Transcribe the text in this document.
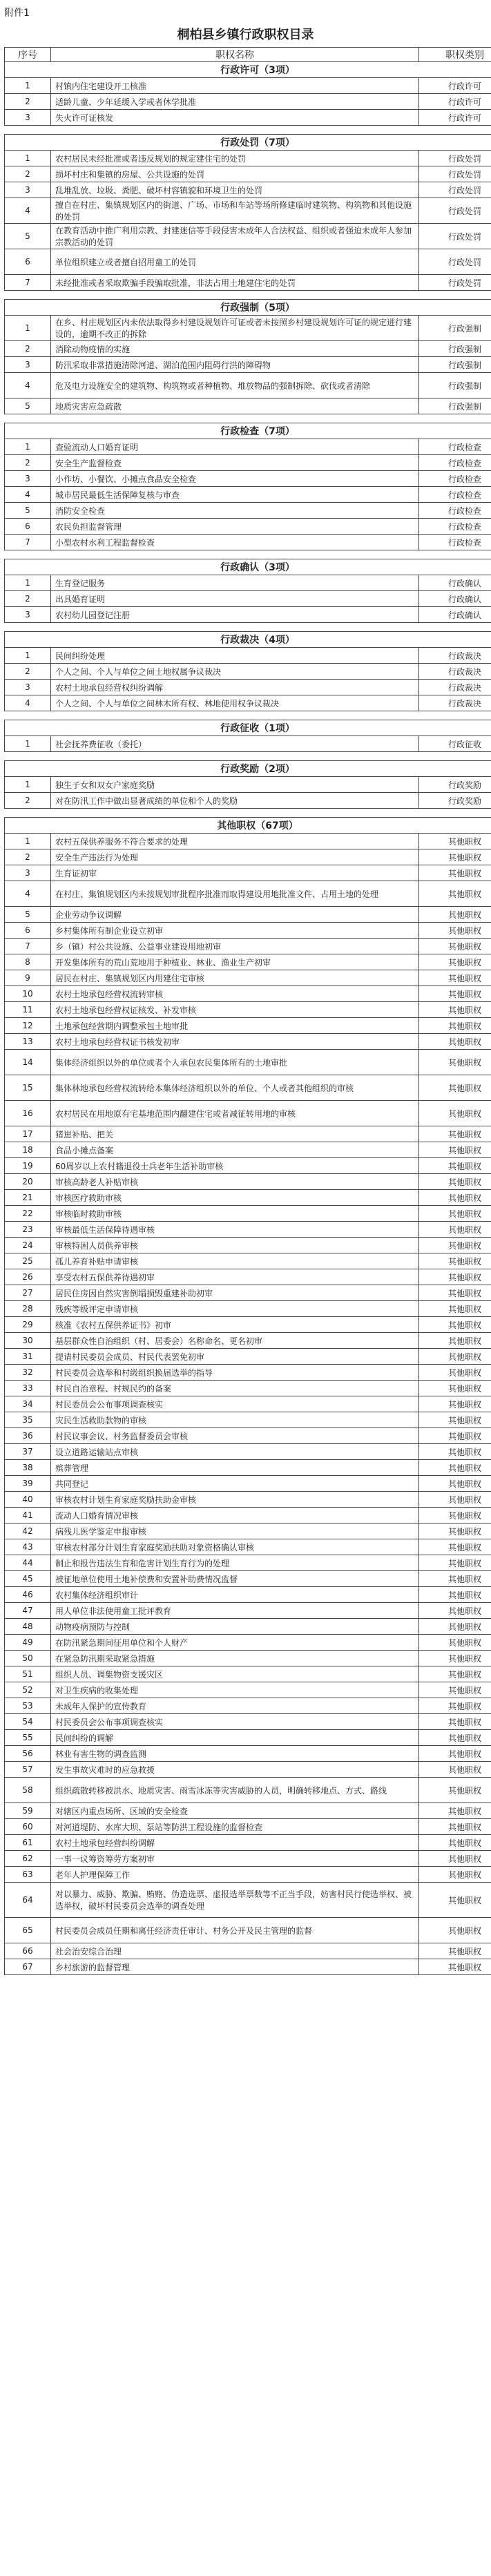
附件1
桐柏县乡镇行政职权目录
序号	职权名称	职权类别
行政许可（3项）		
1	村镇内住宅建设开工核准	行政许可
2	适龄儿童、少年延缓入学或者休学批准	行政许可
3	失火许可证核发	行政许可

行政处罚（7项）		
1	农村居民未经批准或者违反规划的规定建住宅的处罚	行政处罚
2	损坏村庄和集镇的房屋、公共设施的处罚	行政处罚
3	乱堆乱放、垃圾、粪肥、破坏村容镇貌和环境卫生的处罚	行政处罚
4	擅自在村庄、集镇规划区内的街道、广场、市场和车站等场所修建临时建筑物、构筑物和其他设施的处罚	行政处罚
5	在教育活动中推广利用宗教、封建迷信等手段侵害未成年人合法权益、组织或者强迫未成年人参加宗教活动的处罚	行政处罚
6	单位组织建立或者擅自招用童工的处罚	行政处罚
7	未经批准或者采取欺骗手段骗取批准，非法占用土地建住宅的处罚	行政处罚

行政强制（5项）		
1	在乡、村庄规划区内未依法取得乡村建设规划许可证或者未按照乡村建设规划许可证的规定进行建设的，逾期不改正的拆除	行政强制
2	消除动物疫情的实施	行政强制
3	防汛采取非常措施清除河道、湖泊范围内阻碍行洪的障碍物	行政强制
4	危及电力设施安全的建筑物、构筑物或者种植物、堆放物品的强制拆除、砍伐或者清除	行政强制
5	地质灾害应急疏散	行政强制

行政检查（7项）		
1	查验流动人口婚育证明	行政检查
2	安全生产监督检查	行政检查
3	小作坊、小餐饮、小摊点食品安全检查	行政检查
4	城市居民最低生活保障复核与审查	行政检查
5	消防安全检查	行政检查
6	农民负担监督管理	行政检查
7	小型农村水利工程监督检查	行政检查

行政确认（3项）		
1	生育登记服务	行政确认
2	出具婚育证明	行政确认
3	农村幼儿园登记注册	行政确认

行政裁决（4项）		
1	民间纠纷处理	行政裁决
2	个人之间、个人与单位之间土地权属争议裁决	行政裁决
3	农村土地承包经营权纠纷调解	行政裁决
4	个人之间、个人与单位之间林木所有权、林地使用权争议裁决	行政裁决

行政征收（1项）		
1	社会抚养费征收（委托）	行政征收

行政奖励（2项）		
1	独生子女和双女户家庭奖励	行政奖励
2	对在防汛工作中做出显著成绩的单位和个人的奖励	行政奖励

其他职权（67项）		
1	农村五保供养服务不符合要求的处理	其他职权
2	安全生产违法行为处理	其他职权
3	生育证初审	其他职权
4	在村庄、集镇规划区内未按规划审批程序批准而取得建设用地批准文件、占用土地的处理	其他职权
5	企业劳动争议调解	其他职权
6	乡村集体所有制企业设立初审	其他职权
7	乡（镇）村公共设施、公益事业建设用地初审	其他职权
8	开发集体所有的荒山荒地用于种植业、林业、渔业生产初审	其他职权
9	居民在村庄、集镇规划区内用建住宅审核	其他职权
10	农村土地承包经营权流转审核	其他职权
11	农村土地承包经营权证核发、补发审核	其他职权
12	土地承包经营期内调整承包土地审批	其他职权
13	农村土地承包经营权证书核发初审	其他职权
14	集体经济组织以外的单位或者个人承包农民集体所有的土地审批	其他职权
15	集体林地承包经营权流转给本集体经济组织以外的单位、个人或者其他组织的审核	其他职权
16	农村居民在用地原有宅基地范围内翻建住宅或者减征转用地的审核	其他职权
17	猪崽补贴、把关	其他职权
18	食品小摊点备案	其他职权
19	60周岁以上农村籍退役士兵老年生活补助审核	其他职权
20	审核高龄老人补贴审核	其他职权
21	审核医疗救助审核	其他职权
22	审核临时救助审核	其他职权
23	审核最低生活保障待遇审核	其他职权
24	审核特困人员供养审核	其他职权
25	孤儿养育补贴申请审核	其他职权
26	享受农村五保供养待遇初审	其他职权
27	居民住房因自然灾害倒塌损毁重建补助初审	其他职权
28	残疾等级评定申请审核	其他职权
29	核准《农村五保供养证书》初审	其他职权
30	基层群众性自治组织（村、居委会）名称命名、更名初审	其他职权
31	提请村民委员会成员、村民代表罢免初审	其他职权
32	村民委员会选举和村级组织换届选举的指导	其他职权
33	村民自治章程、村规民约的备案	其他职权
34	村民委员会公布事项调查核实	其他职权
35	灾民生活救助款物的审核	其他职权
36	村民议事会议、村务监督委员会审核	其他职权
37	设立道路运输站点审核	其他职权
38	殡葬管理	其他职权
39	共同登记	其他职权
40	审核农村计划生育家庭奖励扶助金审核	其他职权
41	流动人口婚育情况审核	其他职权
42	病残儿医学鉴定申报审核	其他职权
43	审核农村部分计划生育家庭奖励扶助对象资格确认审核	其他职权
44	制止和报告违法生育和危害计划生育行为的处理	其他职权
45	被征地单位使用土地补偿费和安置补助费情况监督	其他职权
46	农村集体经济组织审计	其他职权
47	用人单位非法使用童工批评教育	其他职权
48	动物疫病预防与控制	其他职权
49	在防汛紧急期间征用单位和个人财产	其他职权
50	在紧急防汛期采取紧急措施	其他职权
51	组织人员、调集物资支援灾区	其他职权
52	对卫生疾病的收集处理	其他职权
53	未成年人保护的宣传教育	其他职权
54	村民委员会公布事项调查核实	其他职权
55	民间纠纷的调解	其他职权
56	林业有害生物的调查监测	其他职权
57	发生事故灾难时的应急救援	其他职权
58	组织疏散转移被洪水、地质灾害、雨雪冰冻等灾害威胁的人员，明确转移地点、方式、路线	其他职权
59	对辖区内重点场所、区域的安全检查	其他职权
60	对河道堤防、水库大坝、泵站等防洪工程设施的监督检查	其他职权
61	农村土地承包经营纠纷调解	其他职权
62	一事一议筹资筹劳方案初审	其他职权
63	老年人护理保障工作	其他职权
64	对以暴力、威胁、欺骗、贿赂、伪造选票、虚报选举票数等不正当手段，妨害村民行使选举权、被选举权，破坏村民委员会选举的调查处理	其他职权
65	村民委员会成员任期和离任经济责任审计、村务公开及民主管理的监督	其他职权
66	社会治安综合治理	其他职权
67	乡村旅游的监督管理	其他职权
